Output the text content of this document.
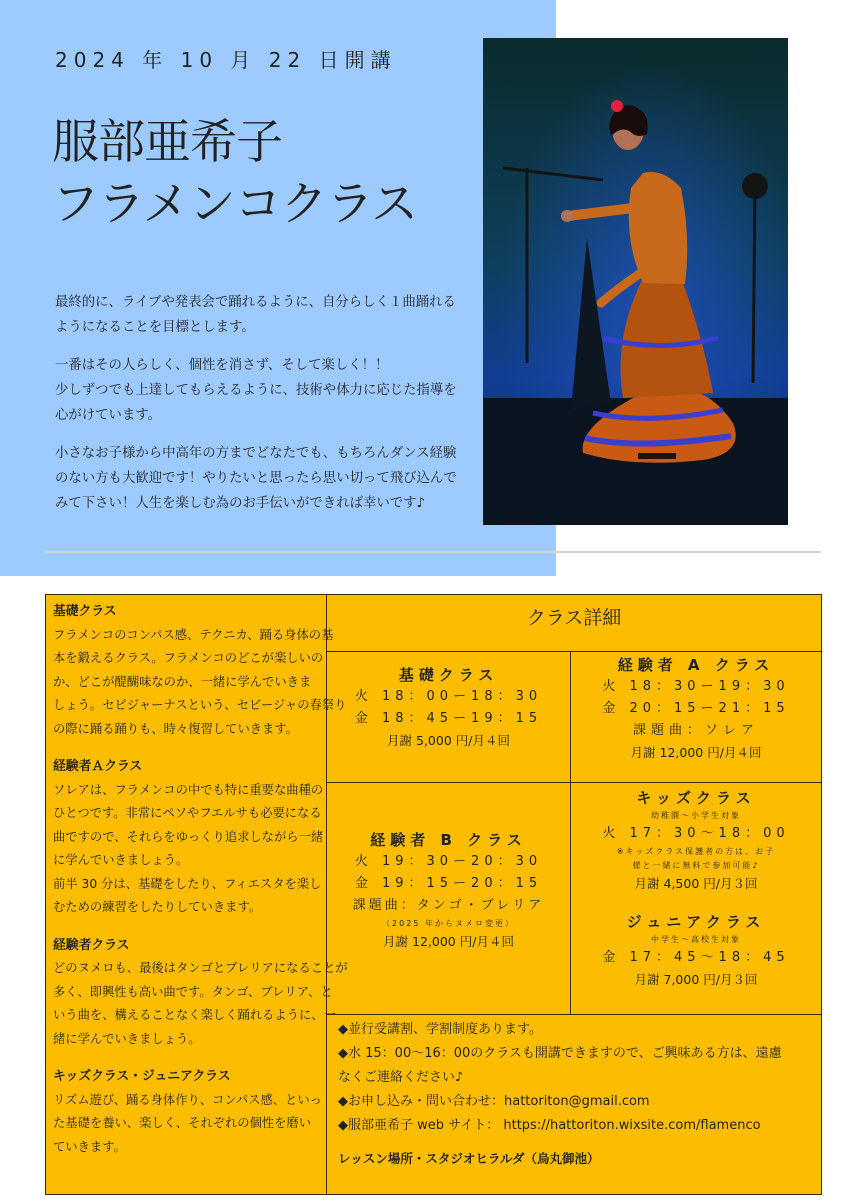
2024 年 10 月 22 日開講
服部亜希子
フラメンコクラス

最終的に、ライブや発表会で踊れるように、自分らしく１曲踊れる
ようになることを目標とします。

一番はその人らしく、個性を消さず、そして楽しく！！
少しずつでも上達してもらえるように、技術や体力に応じた指導を
心がけています。

小さなお子様から中高年の方までどなたでも、もちろんダンス経験
のない方も大歓迎です！やりたいと思ったら思い切って飛び込んで
みて下さい！人生を楽しむ為のお手伝いができれば幸いです♪

基礎クラス

フラメンコのコンパス感、テクニカ、踊る身体の基
本を鍛えるクラス。フラメンコのどこが楽しいの
か、どこが醍醐味なのか、一緒に学んでいきま
しょう。セビジャーナスという、セビージャの春祭り
の際に踊る踊りも、時々復習していきます。

経験者Ａクラス

ソレアは、フラメンコの中でも特に重要な曲種の
ひとつです。非常にペソやフエルサも必要になる
曲ですので、それらをゆっくり追求しながら一緒
に学んでいきましょう。
前半 30 分は、基礎をしたり、フィエスタを楽し
むための練習をしたりしていきます。

経験者クラス

どのヌメロも、最後はタンゴとブレリアになることが
多く、即興性も高い曲です。タンゴ、ブレリア、と
いう曲を、構えることなく楽しく踊れるように、一
緒に学んでいきましょう。

キッズクラス・ジュニアクラス

リズム遊び、踊る身体作り、コンパス感、といっ
た基礎を養い、楽しく、それぞれの個性を磨い
ていきます。

クラス詳細
基礎クラス
火 18：00ー18：30
金 18：45ー19：15
月謝 5,000 円/月４回
経験者 A クラス
火 18：30ー19：30
金 20：15ー21：15
課題曲：ソレア
月謝 12,000 円/月４回
経験者 B クラス
火 19：30ー20：30
金 19：15ー20：15
課題曲：タンゴ・ブレリア
（2025 年からヌメロ変更）
月謝 12,000 円/月４回
キッズクラス
幼稚園～小学生対象
火 17：30～18：00
※キッズクラス保護者の方は、お子
様と一緒に無料で参加可能♪
月謝 4,500 円/月３回
ジュニアクラス
中学生～高校生対象
金 17：45～18：45
月謝 7,000 円/月３回
◆並行受講割、学割制度あります。
◆水 15：00～16：00のクラスも開講できますので、ご興味ある方は、遠慮
なくご連絡ください♪
◆お申し込み・問い合わせ：hattoriton@gmail.com
◆服部亜希子 web サイト： https://hattoriton.wixsite.com/flamenco
レッスン場所・スタジオヒラルダ（烏丸御池）
